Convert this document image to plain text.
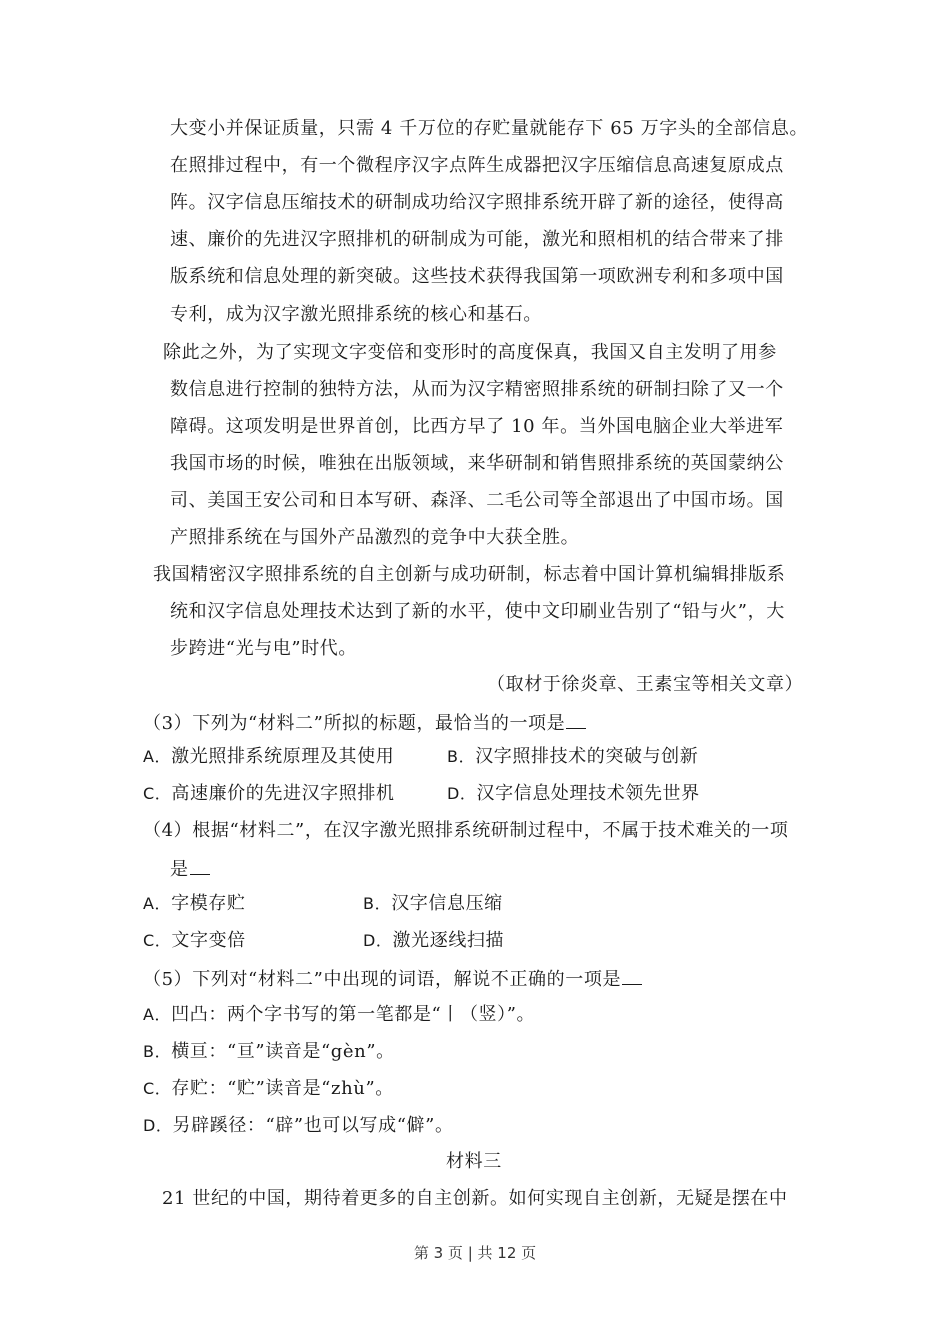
大变小并保证质量，只需 4 千万位的存贮量就能存下 65 万字头的全部信息。
在照排过程中，有一个微程序汉字点阵生成器把汉字压缩信息高速复原成点
阵。汉字信息压缩技术的研制成功给汉字照排系统开辟了新的途径，使得高
速、廉价的先进汉字照排机的研制成为可能，激光和照相机的结合带来了排
版系统和信息处理的新突破。这些技术获得我国第一项欧洲专利和多项中国
专利，成为汉字激光照排系统的核心和基石。
除此之外，为了实现文字变倍和变形时的高度保真，我国又自主发明了用参
数信息进行控制的独特方法，从而为汉字精密照排系统的研制扫除了又一个
障碍。这项发明是世界首创，比西方早了 10 年。当外国电脑企业大举进军
我国市场的时候，唯独在出版领域，来华研制和销售照排系统的英国蒙纳公
司、美国王安公司和日本写研、森泽、二毛公司等全部退出了中国市场。国
产照排系统在与国外产品激烈的竞争中大获全胜。
我国精密汉字照排系统的自主创新与成功研制，标志着中国计算机编辑排版系
统和汉字信息处理技术达到了新的水平，使中文印刷业告别了“铅与火”，大
步跨进“光与电”时代。
（取材于徐炎章、王素宝等相关文章）
（3）下列为“材料二”所拟的标题，最恰当的一项是
A．激光照排系统原理及其使用	B．汉字照排技术的突破与创新
C．高速廉价的先进汉字照排机	D．汉字信息处理技术领先世界
（4）根据“材料二”，在汉字激光照排系统研制过程中，不属于技术难关的一项
是
A．字模存贮	B．汉字信息压缩
C．文字变倍	D．激光逐线扫描
（5）下列对“材料二”中出现的词语，解说不正确的一项是
A．凹凸：两个字书写的第一笔都是“丨（竖）”。
B．横亘：“亘”读音是“gèn”。
C．存贮：“贮”读音是“zhù”。
D．另辟蹊径：“辟”也可以写成“僻”。
材料三
21 世纪的中国，期待着更多的自主创新。如何实现自主创新，无疑是摆在中
第 3 页 | 共 12 页
